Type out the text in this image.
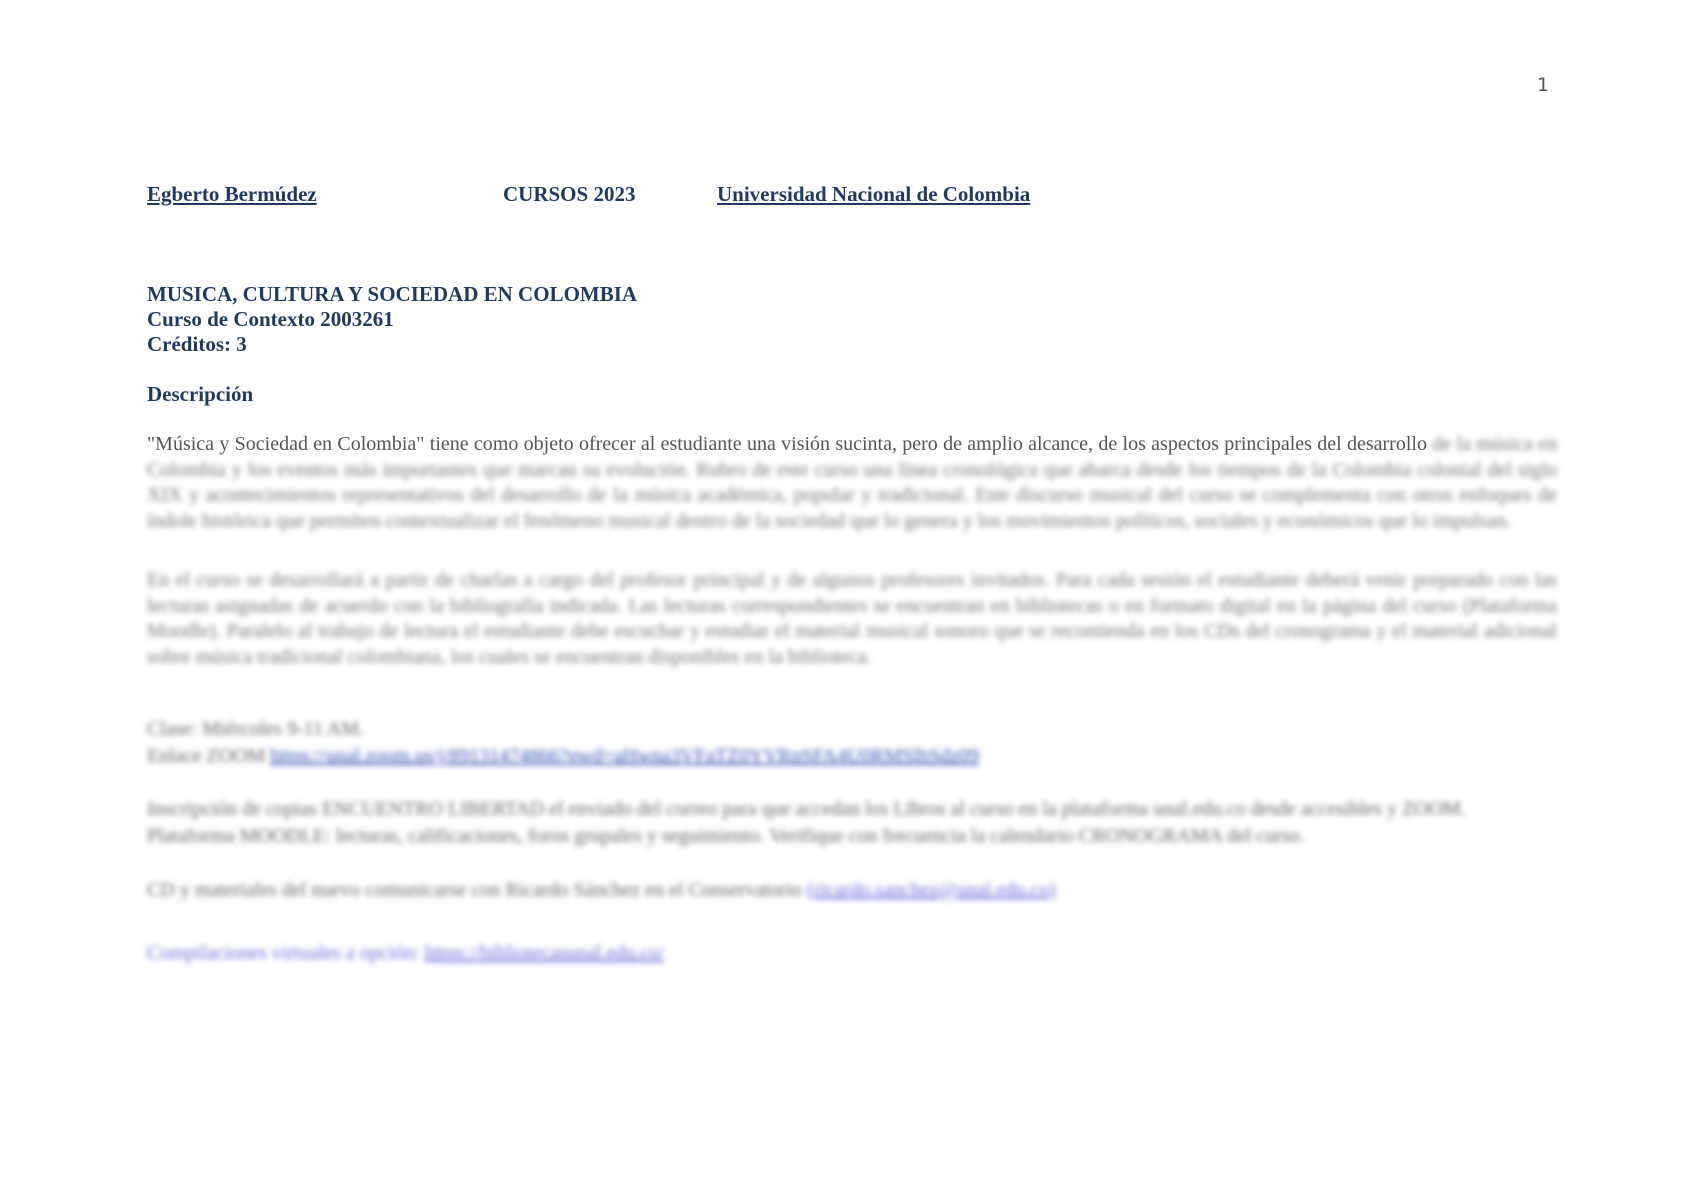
1
Egberto Bermúdez	CURSOS 2023	Universidad Nacional de Colombia
MUSICA, CULTURA Y SOCIEDAD EN COLOMBIA
Curso de Contexto 2003261
Créditos: 3
Descripción

"Música y Sociedad en Colombia" tiene como objeto ofrecer al estudiante una visión sucinta, pero de amplio alcance, de los aspectos principales del desarrollo de la música en Colombia y los eventos más importantes que marcan su evolución. Rubro de este curso una línea cronológica que abarca desde los tiempos de la Colombia colonial del siglo XIX y acontecimientos representativos del desarrollo de la música académica, popular y tradicional. Este discurso musical del curso se complementa con otros enfoques de índole histórica que permiten contextualizar el fenómeno musical dentro de la sociedad que lo genera y los movimientos políticos, sociales y económicos que lo impulsan.

En el curso se desarrollará a partir de charlas a cargo del profesor principal y de algunos profesores invitados. Para cada sesión el estudiante deberá venir preparado con las lecturas asignadas de acuerdo con la bibliografía indicada. Las lecturas correspondientes se encuentran en bibliotecas o en formato digital en la página del curso (Plataforma Moodle). Paralelo al trabajo de lectura el estudiante debe escuchar y estudiar el material musical sonoro que se recomienda en los CDs del cronograma y el material adicional sobre música tradicional colombiana, los cuales se encuentran disponibles en la biblioteca.

Clase: Miércoles 9-11 AM.
Enlace ZOOM https://unal.zoom.us/j/89131474866?pwd=aHwna3VFaTZ0YVRnSFA4U0RMSlhSdz09
Inscripción de copias ENCUENTRO LIBERTAD el enviado del correo para que accedan los Libros al curso en la plataforma unal.edu.co desde accesibles y ZOOM.
Plataforma MOODLE: lecturas, calificaciones, foros grupales y seguimiento. Verifique con frecuencia la calendario CRONOGRAMA del curso.
CD y materiales del nuevo comunicarse con Ricardo Sánchez en el Conservatorio (ricardo.sanchez@unal.edu.co)
Compilaciones virtuales a opción: https://bibliotecasunal.edu.co/
